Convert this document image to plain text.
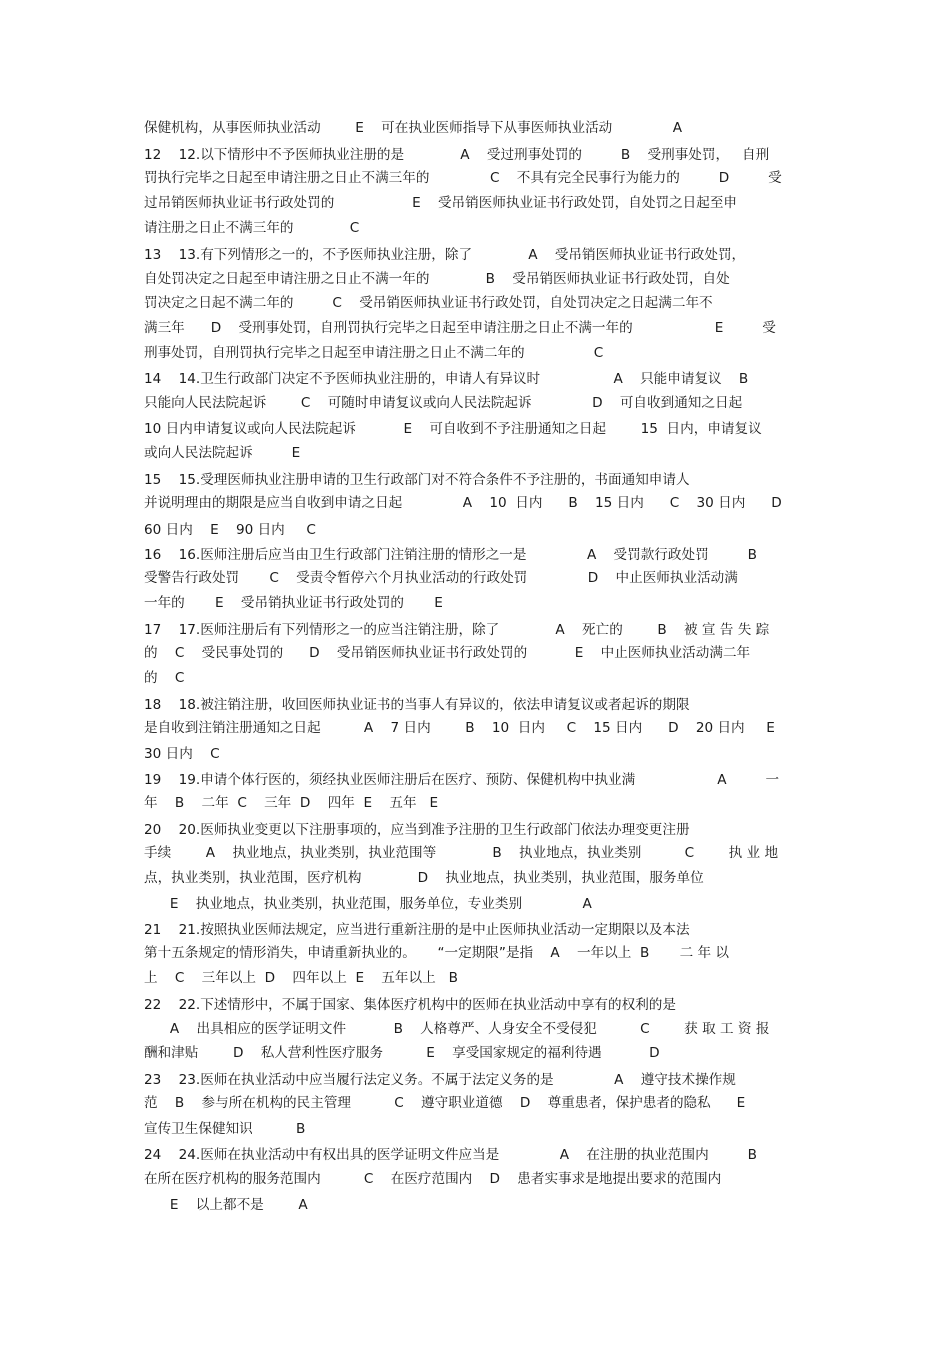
保健机构，从事医师执业活动        E    可在执业医师指导下从事医师执业活动              A

12    12.以下情形中不予医师执业注册的是             A    受过刑事处罚的         B    受刑事处罚，   自刑

罚执行完毕之日起至申请注册之日止不满三年的              C    不具有完全民事行为能力的         D         受

过吊销医师执业证书行政处罚的                  E    受吊销医师执业证书行政处罚，自处罚之日起至申

请注册之日止不满三年的             C

13    13.有下列情形之一的，不予医师执业注册，除了             A    受吊销医师执业证书行政处罚，

自处罚决定之日起至申请注册之日止不满一年的             B    受吊销医师执业证书行政处罚，自处

罚决定之日起不满二年的         C    受吊销医师执业证书行政处罚，自处罚决定之日起满二年不

满三年      D    受刑事处罚，自刑罚执行完毕之日起至申请注册之日止不满一年的                   E         受

刑事处罚，自刑罚执行完毕之日起至申请注册之日止不满二年的                C

14    14.卫生行政部门决定不予医师执业注册的，申请人有异议时                 A    只能申请复议    B

只能向人民法院起诉        C    可随时申请复议或向人民法院起诉              D    可自收到通知之日起

10 日内申请复议或向人民法院起诉           E    可自收到不予注册通知之日起        15  日内，申请复议

或向人民法院起诉         E

15    15.受理医师执业注册申请的卫生行政部门对不符合条件不予注册的，书面通知申请人

并说明理由的期限是应当自收到申请之日起              A    10  日内      B    15 日内      C    30 日内      D

60 日内    E    90 日内     C

16    16.医师注册后应当由卫生行政部门注销注册的情形之一是              A    受罚款行政处罚         B

受警告行政处罚       C    受责令暂停六个月执业活动的行政处罚              D    中止医师执业活动满

一年的       E    受吊销执业证书行政处罚的       E

17    17.医师注册后有下列情形之一的应当注销注册，除了             A    死亡的        B    被 宣 告 失 踪

的    C    受民事处罚的      D    受吊销医师执业证书行政处罚的           E    中止医师执业活动满二年

的    C

18    18.被注销注册，收回医师执业证书的当事人有异议的，依法申请复议或者起诉的期限

是自收到注销注册通知之日起          A    7 日内        B    10  日内     C    15 日内      D    20 日内     E

30 日内    C

19    19.申请个体行医的，须经执业医师注册后在医疗、预防、保健机构中执业满                   A         一

年    B    二年  C    三年  D    四年  E    五年   E

20    20.医师执业变更以下注册事项的，应当到准予注册的卫生行政部门依法办理变更注册

手续        A    执业地点，执业类别，执业范围等             B    执业地点，执业类别          C        执 业 地

点，执业类别，执业范围，医疗机构             D    执业地点，执业类别，执业范围，服务单位

E    执业地点，执业类别，执业范围，服务单位，专业类别              A

21    21.按照执业医师法规定，应当进行重新注册的是中止医师执业活动一定期限以及本法

第十五条规定的情形消失，申请重新执业的。     “一定期限”是指    A    一年以上  B       二 年 以

上    C    三年以上  D    四年以上  E    五年以上   B

22    22.下述情形中，不属于国家、集体医疗机构中的医师在执业活动中享有的权利的是

A    出具相应的医学证明文件           B    人格尊严、人身安全不受侵犯          C        获 取 工 资 报

酬和津贴        D    私人营利性医疗服务          E    享受国家规定的福利待遇           D

23    23.医师在执业活动中应当履行法定义务。不属于法定义务的是              A    遵守技术操作规

范    B    参与所在机构的民主管理          C    遵守职业道德    D    尊重患者，保护患者的隐私      E

宣传卫生保健知识          B

24    24.医师在执业活动中有权出具的医学证明文件应当是              A    在注册的执业范围内         B

在所在医疗机构的服务范围内          C    在医疗范围内    D    患者实事求是地提出要求的范围内

E    以上都不是        A
